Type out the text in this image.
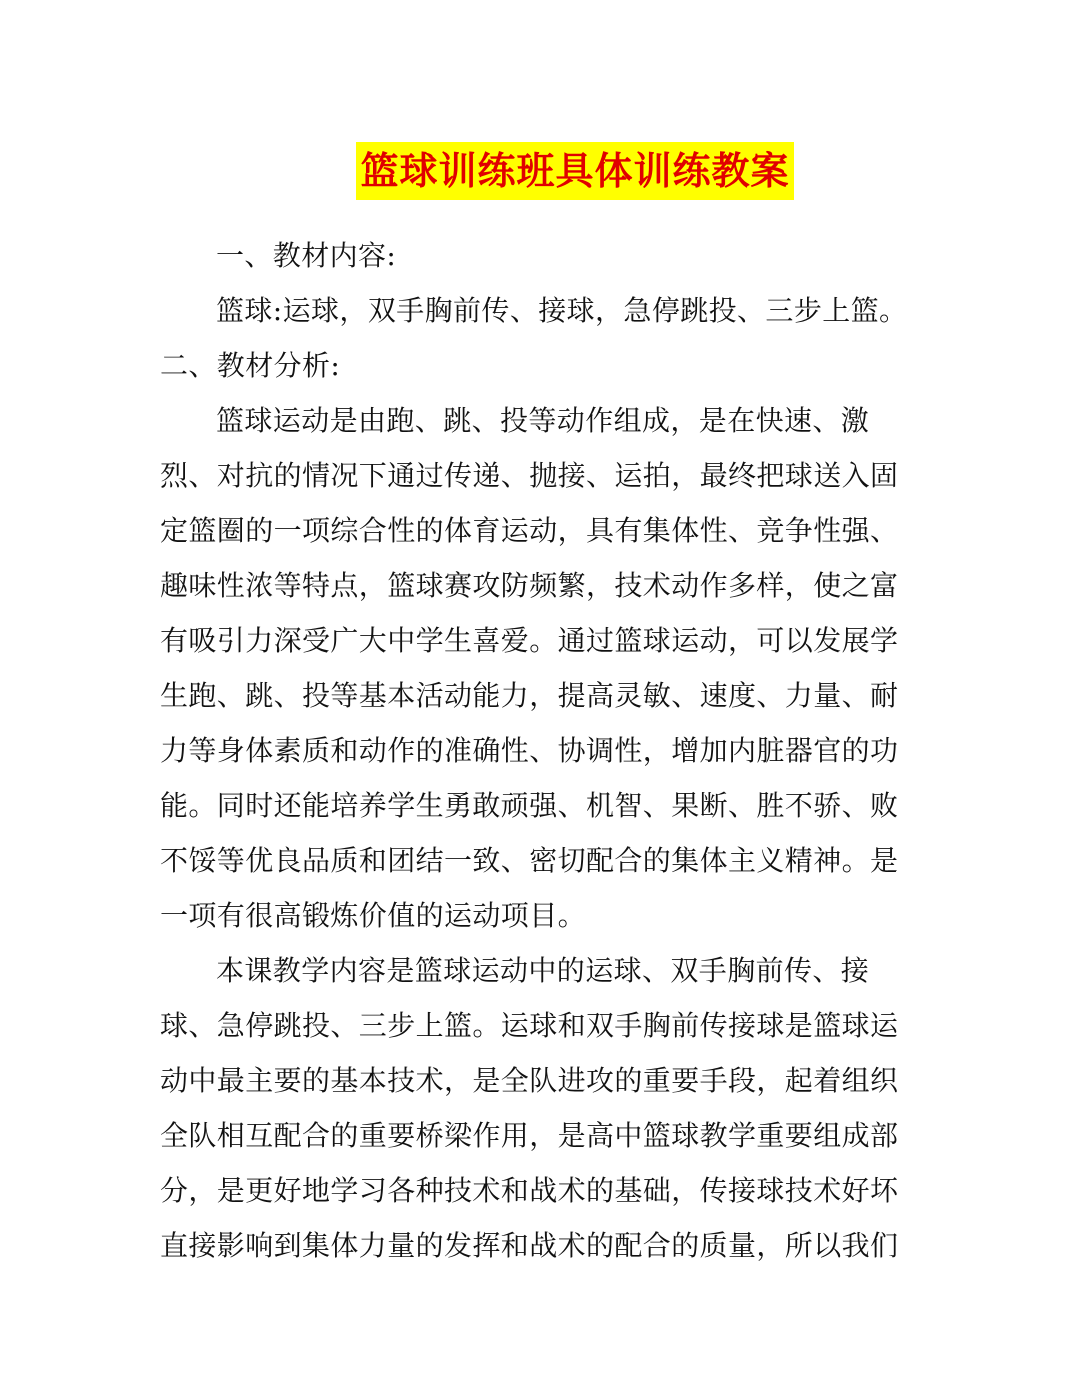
篮球训练班具体训练教案
一、教材内容:
篮球:运球，双手胸前传、接球，急停跳投、三步上篮。
二、教材分析:
篮球运动是由跑、跳、投等动作组成，是在快速、激
烈、对抗的情况下通过传递、抛接、运拍，最终把球送入固
定篮圈的一项综合性的体育运动，具有集体性、竞争性强、
趣味性浓等特点，篮球赛攻防频繁，技术动作多样，使之富
有吸引力深受广大中学生喜爱。通过篮球运动，可以发展学
生跑、跳、投等基本活动能力，提高灵敏、速度、力量、耐
力等身体素质和动作的准确性、协调性，增加内脏器官的功
能。同时还能培养学生勇敢顽强、机智、果断、胜不骄、败
不馁等优良品质和团结一致、密切配合的集体主义精神。是
一项有很高锻炼价值的运动项目。
本课教学内容是篮球运动中的运球、双手胸前传、接
球、急停跳投、三步上篮。运球和双手胸前传接球是篮球运
动中最主要的基本技术，是全队进攻的重要手段，起着组织
全队相互配合的重要桥梁作用，是高中篮球教学重要组成部
分，是更好地学习各种技术和战术的基础，传接球技术好坏
直接影响到集体力量的发挥和战术的配合的质量，所以我们
